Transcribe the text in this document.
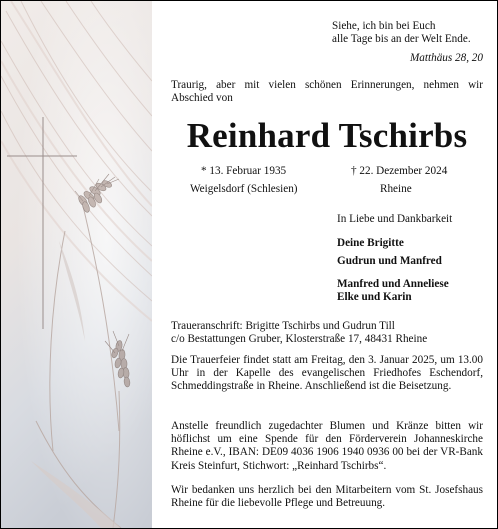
Siehe, ich bin bei Euch
alle Tage bis an der Welt Ende.
Matthäus 28, 20
Traurig, aber mit vielen schönen Erinnerungen, nehmen wir Abschied von
Reinhard Tschirbs
* 13. Februar 1935	† 22. Dezember 2024
Weigelsdorf (Schlesien)	Rheine
In Liebe und Dankbarkeit
Deine Brigitte
Gudrun und Manfred
Manfred und Anneliese
Elke und Karin
Traueranschrift: Brigitte Tschirbs und Gudrun Till
c/o Bestattungen Gruber, Klosterstraße 17, 48431 Rheine
Die Trauerfeier findet statt am Freitag, den 3. Januar 2025, um 13.00 Uhr in der Kapelle des evangelischen Friedhofes Eschendorf, Schmeddingstraße in Rheine. Anschließend ist die Beisetzung.
Anstelle freundlich zugedachter Blumen und Kränze bitten wir höflichst um eine Spende für den Förderverein Johanneskirche Rheine e.V., IBAN: DE09 4036 1906 1940 0936 00 bei der VR-Bank Kreis Steinfurt, Stichwort: „Reinhard Tschirbs“.
Wir bedanken uns herzlich bei den Mitarbeitern vom St. Josefshaus Rheine für die liebevolle Pflege und Betreuung.
